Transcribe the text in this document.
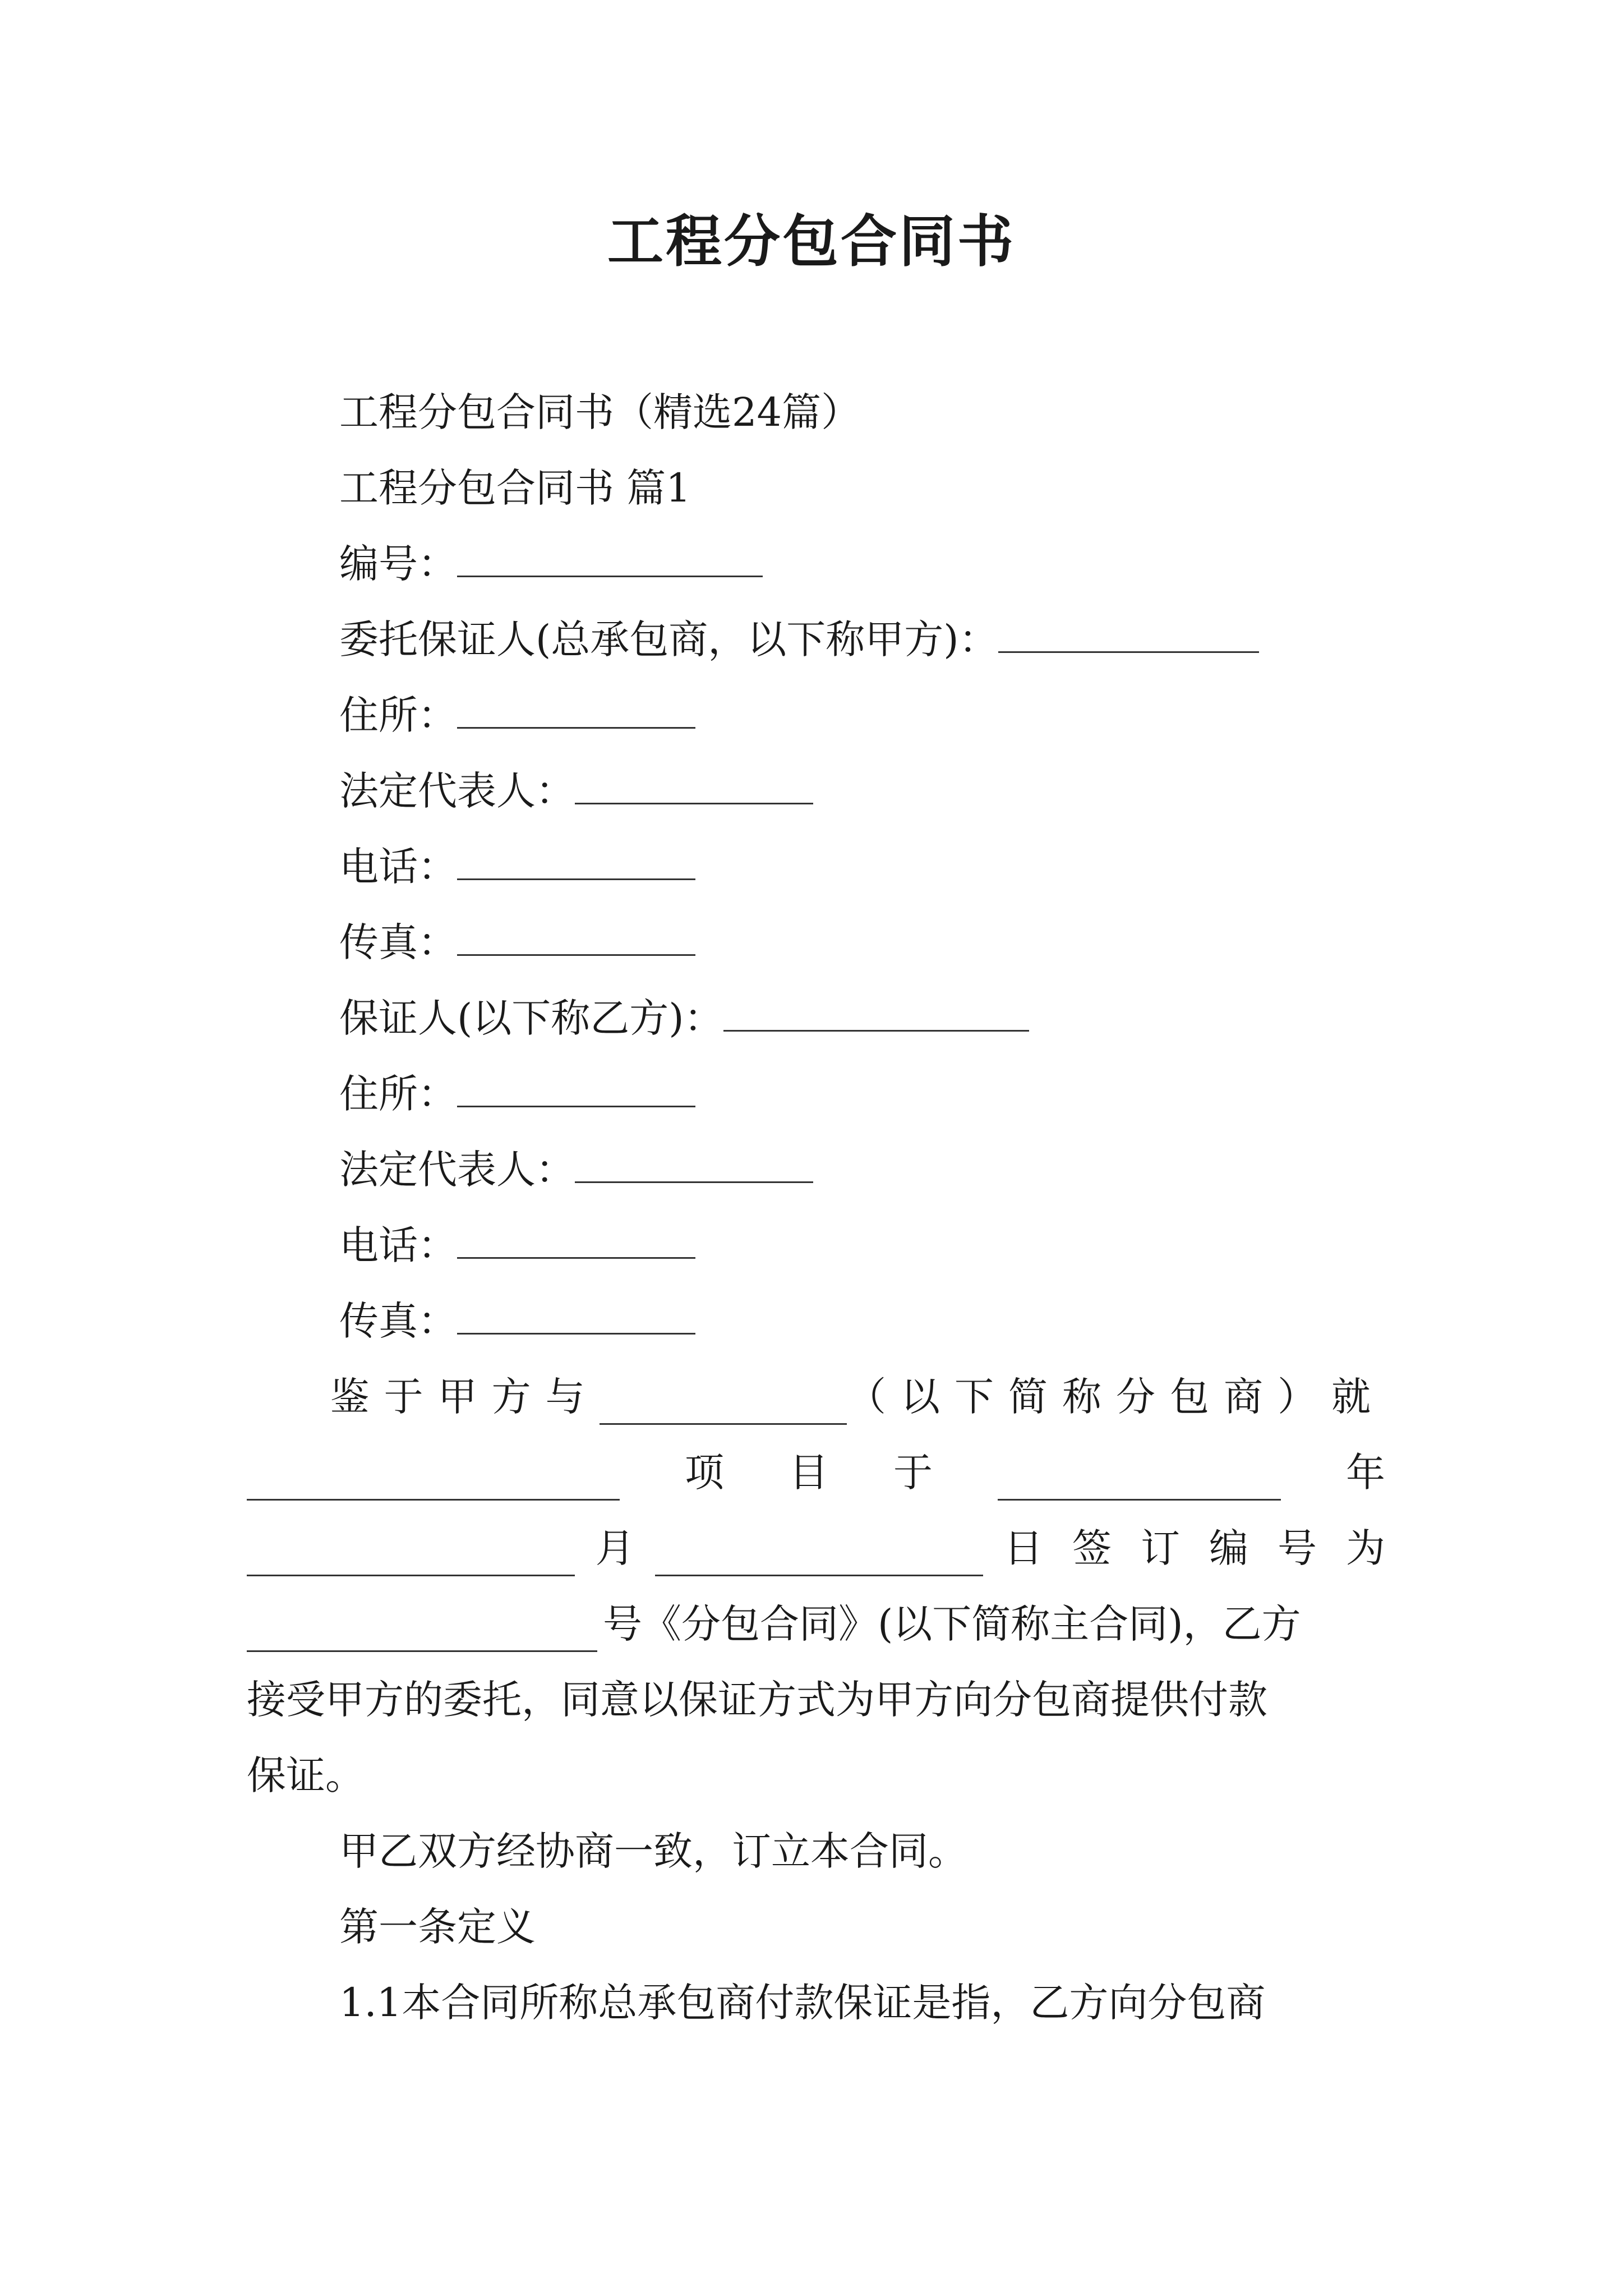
工程分包合同书
工程分包合同书（精选24篇）
工程分包合同书 篇1
编号：
委托保证人(总承包商，以下称甲方)：
住所：
法定代表人：
电话：
传真：
保证人(以下称乙方)：
住所：
法定代表人：
电话：
传真：
鉴于甲方与	（以下简称分包商）就
项 目 于	年
月	日签订编号为
号《分包合同》(以下简称主合同)，乙方
接受甲方的委托，同意以保证方式为甲方向分包商提供付款
保证。
甲乙双方经协商一致，订立本合同。
第一条定义
1.1本合同所称总承包商付款保证是指，乙方向分包商
